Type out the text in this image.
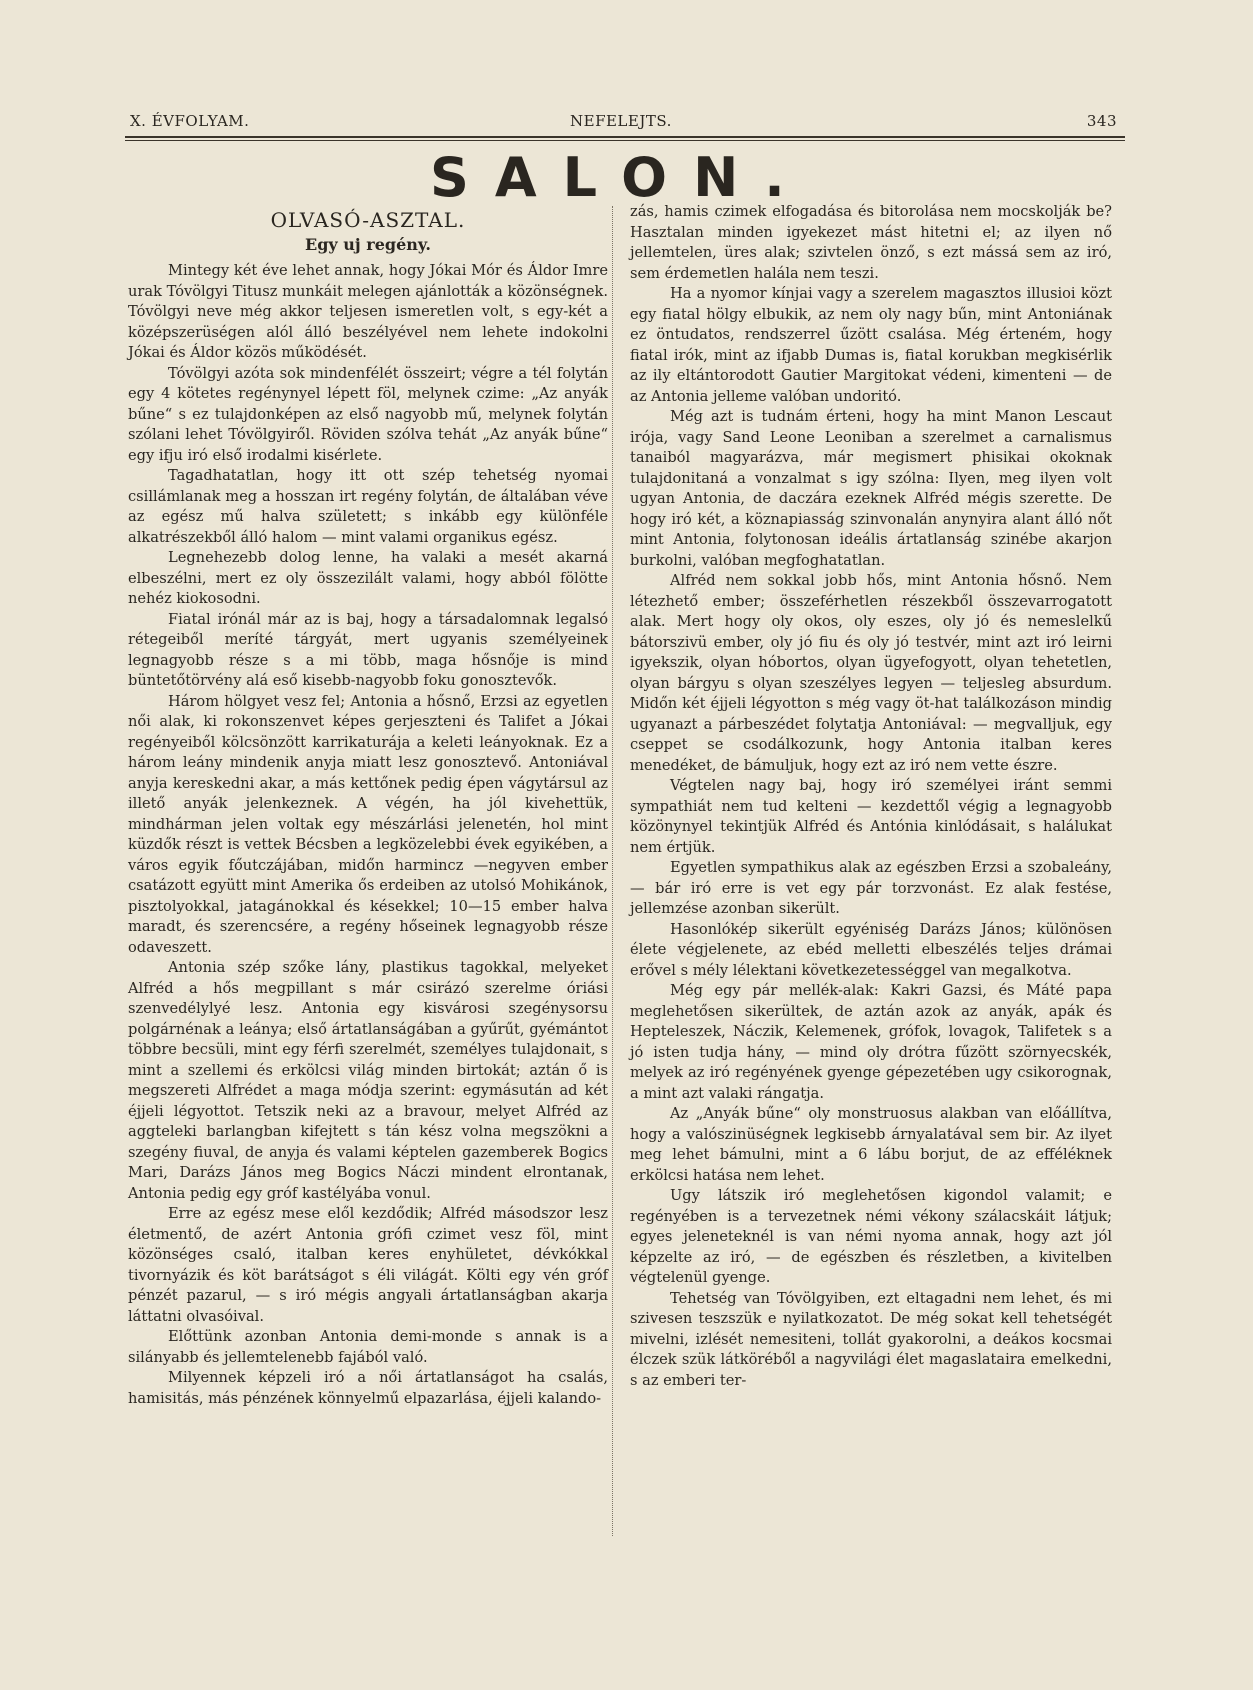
X. ÉVFOLYAM.	NEFELEJTS.	343
SALON.
OLVASÓ-ASZTAL.
Egy uj regény.

Mintegy két éve lehet annak, hogy Jókai Mór és Áldor Imre urak Tóvölgyi Titusz munkáit melegen ajánlották a közönségnek. Tóvölgyi neve még akkor teljesen ismeretlen volt, s egy-két a középszerüségen alól álló beszélyével nem lehete indokolni Jókai és Áldor közös működését.

Tóvölgyi azóta sok mindenfélét összeirt; végre a tél folytán egy 4 kötetes regénynyel lépett föl, melynek czime: „Az anyák bűne“ s ez tulajdonképen az első nagyobb mű, melynek folytán szólani lehet Tóvölgyiről. Röviden szólva tehát „Az anyák bűne“ egy ifju iró első irodalmi kisérlete.

Tagadhatatlan, hogy itt ott szép tehetség nyomai csillámlanak meg a hosszan irt regény folytán, de általában véve az egész mű halva született; s inkább egy különféle alkatrészekből álló halom — mint valami organikus egész.

Legnehezebb dolog lenne, ha valaki a mesét akarná elbeszélni, mert ez oly összezilált valami, hogy abból fölötte nehéz kiokosodni.

Fiatal irónál már az is baj, hogy a társadalomnak legalsó rétegeiből meríté tárgyát, mert ugyanis személyeinek legnagyobb része s a mi több, maga hősnője is mind büntetőtörvény alá eső kisebb-nagyobb foku gonosztevők.

Három hölgyet vesz fel; Antonia a hősnő, Erzsi az egyetlen női alak, ki rokonszenvet képes gerjeszteni és Talifet a Jókai regényeiből kölcsönzött karrikaturája a keleti leányoknak. Ez a három leány mindenik anyja miatt lesz gonosztevő. Antoniával anyja kereskedni akar, a más kettőnek pedig épen vágytársul az illető anyák jelenkeznek. A végén, ha jól kivehettük, mindhárman jelen voltak egy mészárlási jelenetén, hol mint küzdők részt is vettek Bécsben a legközelebbi évek egyikében, a város egyik főutczájában, midőn harmincz —negyven ember csatázott együtt mint Amerika ős erdeiben az utolsó Mohikánok, pisztolyokkal, jatagánokkal és késekkel; 10—15 ember halva maradt, és szerencsére, a regény hőseinek legnagyobb része odaveszett.

Antonia szép szőke lány, plastikus tagokkal, melyeket Alfréd a hős megpillant s már csirázó szerelme óriási szenvedélylyé lesz. Antonia egy kisvárosi szegénysorsu polgárnénak a leánya; első ártatlanságában a gyűrűt, gyémántot többre becsüli, mint egy férfi szerelmét, személyes tulajdonait, s mint a szellemi és erkölcsi világ minden birtokát; aztán ő is megszereti Alfrédet a maga módja szerint: egymásután ad két éjjeli légyottot. Tetszik neki az a bravour, melyet Alfréd az aggteleki barlangban kifejtett s tán kész volna megszökni a szegény fiuval, de anyja és valami képtelen gazemberek Bogics Mari, Darázs János meg Bogics Náczi mindent elrontanak, Antonia pedig egy gróf kastélyába vonul.

Erre az egész mese elől kezdődik; Alfréd másodszor lesz életmentő, de azért Antonia grófi czimet vesz föl, mint közönséges csaló, italban keres enyhületet, dévkókkal tivornyázik és köt barátságot s éli világát. Költi egy vén gróf pénzét pazarul, — s iró mégis angyali ártatlanságban akarja láttatni olvasóival.

Előttünk azonban Antonia demi-monde s annak is a silányabb és jellemtelenebb fajából való.

Milyennek képzeli iró a női ártatlanságot ha csalás, hamisitás, más pénzének könnyelmű elpazarlása, éjjeli kalando-

zás, hamis czimek elfogadása és bitorolása nem mocskolják be? Hasztalan minden igyekezet mást hitetni el; az ilyen nő jellemtelen, üres alak; szivtelen önző, s ezt mássá sem az iró, sem érdemetlen halála nem teszi.

Ha a nyomor kínjai vagy a szerelem magasztos illusioi közt egy fiatal hölgy elbukik, az nem oly nagy bűn, mint Antoniának ez öntudatos, rendszerrel űzött csalása. Még érteném, hogy fiatal irók, mint az ifjabb Dumas is, fiatal korukban megkisérlik az ily eltántorodott Gautier Margitokat védeni, kimenteni — de az Antonia jelleme valóban undoritó.

Még azt is tudnám érteni, hogy ha mint Manon Lescaut irója, vagy Sand Leone Leoniban a szerelmet a carnalismus tanaiból magyarázva, már megismert phisikai okoknak tulajdonitaná a vonzalmat s igy szólna: Ilyen, meg ilyen volt ugyan Antonia, de daczára ezeknek Alfréd mégis szerette. De hogy iró két, a köznapiasság szinvonalán anynyira alant álló nőt mint Antonia, folytonosan ideális ártatlanság szinébe akarjon burkolni, valóban megfoghatatlan.

Alfréd nem sokkal jobb hős, mint Antonia hősnő. Nem létezhető ember; összeférhetlen részekből összevarrogatott alak. Mert hogy oly okos, oly eszes, oly jó és nemeslelkű bátorszivü ember, oly jó fiu és oly jó testvér, mint azt iró leirni igyekszik, olyan hóbortos, olyan ügyefogyott, olyan tehetetlen, olyan bárgyu s olyan szeszélyes legyen — teljesleg absurdum. Midőn két éjjeli légyotton s még vagy öt-hat találkozáson mindig ugyanazt a párbeszédet folytatja Antoniával: — megvalljuk, egy cseppet se csodálkozunk, hogy Antonia italban keres menedéket, de bámuljuk, hogy ezt az iró nem vette észre.

Végtelen nagy baj, hogy iró személyei iránt semmi sympathiát nem tud kelteni — kezdettől végig a legnagyobb közönynyel tekintjük Alfréd és Antónia kinlódásait, s halálukat nem értjük.

Egyetlen sympathikus alak az egészben Erzsi a szobaleány, — bár iró erre is vet egy pár torzvonást. Ez alak festése, jellemzése azonban sikerült.

Hasonlókép sikerült egyéniség Darázs János; különösen élete végjelenete, az ebéd melletti elbeszélés teljes drámai erővel s mély lélektani következetességgel van megalkotva.

Még egy pár mellék-alak: Kakri Gazsi, és Máté papa meglehetősen sikerültek, de aztán azok az anyák, apák és Hepteleszek, Náczik, Kelemenek, grófok, lovagok, Talifetek s a jó isten tudja hány, — mind oly drótra fűzött szörnyecskék, melyek az iró regényének gyenge gépezetében ugy csikorognak, a mint azt valaki rángatja.

Az „Anyák bűne“ oly monstruosus alakban van előállítva, hogy a valószinüségnek legkisebb árnyalatával sem bir. Az ilyet meg lehet bámulni, mint a 6 lábu borjut, de az efféléknek erkölcsi hatása nem lehet.

Ugy látszik iró meglehetősen kigondol valamit; e regényében is a tervezetnek némi vékony szálacskáit látjuk; egyes jeleneteknél is van némi nyoma annak, hogy azt jól képzelte az iró, — de egészben és részletben, a kivitelben végtelenül gyenge.

Tehetség van Tóvölgyiben, ezt eltagadni nem lehet, és mi szivesen teszszük e nyilatkozatot. De még sokat kell tehetségét mivelni, izlését nemesiteni, tollát gyakorolni, a deákos kocsmai élczek szük látköréből a nagyvilági élet magaslataira emelkedni, s az emberi ter-
